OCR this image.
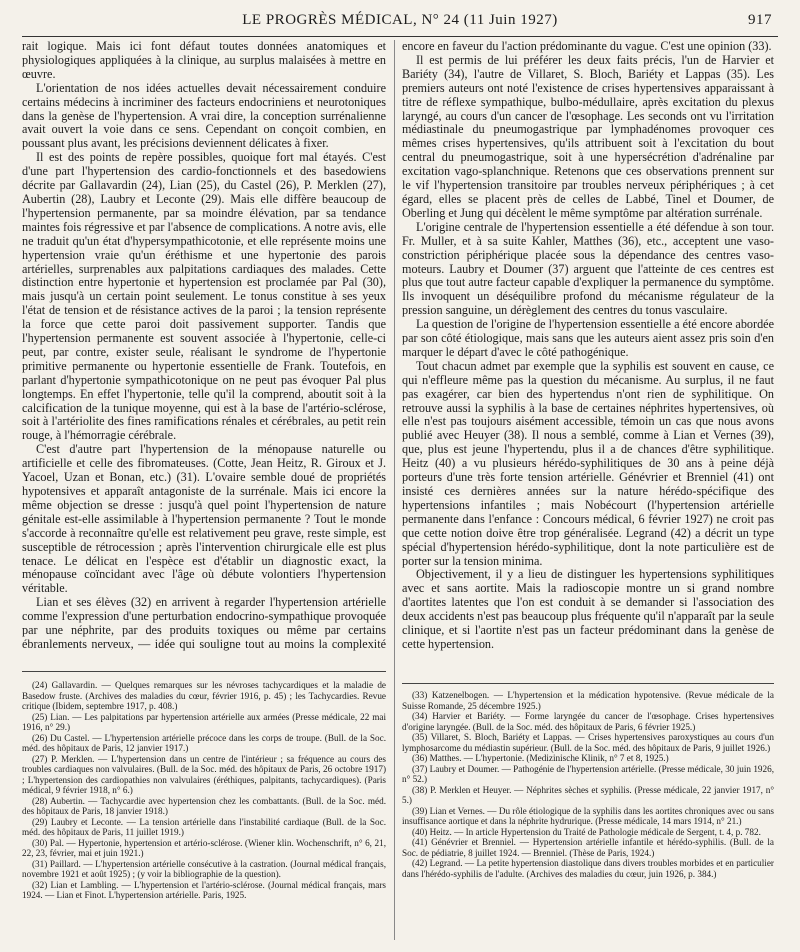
LE PROGRÈS MÉDICAL, N° 24 (11 Juin 1927)	917

rait logique. Mais ici font défaut toutes données anatomiques et physiologiques appliquées à la clinique, au surplus malaisées à mettre en œuvre.

L'orientation de nos idées actuelles devait nécessairement conduire certains médecins à incriminer des facteurs endocriniens et neurotoniques dans la genèse de l'hypertension. A vrai dire, la conception surrénalienne avait ouvert la voie dans ce sens. Cependant on conçoit combien, en poussant plus avant, les précisions deviennent délicates à fixer.

Il est des points de repère possibles, quoique fort mal étayés. C'est d'une part l'hypertension des cardio-fonctionnels et des basedowiens décrite par Gallavardin (24), Lian (25), du Castel (26), P. Merklen (27), Aubertin (28), Laubry et Leconte (29). Mais elle diffère beaucoup de l'hypertension permanente, par sa moindre élévation, par sa tendance maintes fois régressive et par l'absence de complications. A notre avis, elle ne traduit qu'un état d'hypersympathicotonie, et elle représente moins une hypertension vraie qu'un éréthisme et une hypertonie des parois artérielles, surprenables aux palpitations cardiaques des malades. Cette distinction entre hypertonie et hypertension est proclamée par Pal (30), mais jusqu'à un certain point seulement. Le tonus constitue à ses yeux l'état de tension et de résistance actives de la paroi ; la tension représente la force que cette paroi doit passivement supporter. Tandis que l'hypertension permanente est souvent associée à l'hypertonie, celle-ci peut, par contre, exister seule, réalisant le syndrome de l'hypertonie primitive permanente ou hypertonie essentielle de Frank. Toutefois, en parlant d'hypertonie sympathicotonique on ne peut pas évoquer Pal plus longtemps. En effet l'hypertonie, telle qu'il la comprend, aboutit soit à la calcification de la tunique moyenne, qui est à la base de l'artério-sclérose, soit à l'artériolite des fines ramifications rénales et cérébrales, au petit rein rouge, à l'hémorragie cérébrale.

C'est d'autre part l'hypertension de la ménopause naturelle ou artificielle et celle des fibromateuses. (Cotte, Jean Heitz, R. Giroux et J. Yacoel, Uzan et Bonan, etc.) (31). L'ovaire semble doué de propriétés hypotensives et apparaît antagoniste de la surrénale. Mais ici encore la même objection se dresse : jusqu'à quel point l'hypertension de nature génitale est-elle assimilable à l'hypertension permanente ? Tout le monde s'accorde à reconnaître qu'elle est relativement peu grave, reste simple, est susceptible de rétrocession ; après l'intervention chirurgicale elle est plus tenace. Le délicat en l'espèce est d'établir un diagnostic exact, la ménopause coïncidant avec l'âge où débute volontiers l'hypertension véritable.

Lian et ses élèves (32) en arrivent à regarder l'hypertension artérielle comme l'expression d'une perturbation endocrino-sympathique provoquée par une néphrite, par des produits toxiques ou même par certains ébranlements nerveux, — idée qui souligne tout au moins la complexité

encore en faveur du l'action prédominante du vague. C'est une opinion (33).

Il est permis de lui préférer les deux faits précis, l'un de Harvier et Bariéty (34), l'autre de Villaret, S. Bloch, Bariéty et Lappas (35). Les premiers auteurs ont noté l'existence de crises hypertensives apparaissant à titre de réflexe sympathique, bulbo-médullaire, après excitation du plexus laryngé, au cours d'un cancer de l'œsophage. Les seconds ont vu l'irritation médiastinale du pneumogastrique par lymphadénomes provoquer ces mêmes crises hypertensives, qu'ils attribuent soit à l'excitation du bout central du pneumogastrique, soit à une hypersécrétion d'adrénaline par excitation vago-splanchnique. Retenons que ces observations prennent sur le vif l'hypertension transitoire par troubles nerveux périphériques ; à cet égard, elles se placent près de celles de Labbé, Tinel et Doumer, de Oberling et Jung qui décèlent le même symptôme par altération surrénale.

L'origine centrale de l'hypertension essentielle a été défendue à son tour. Fr. Muller, et à sa suite Kahler, Matthes (36), etc., acceptent une vaso-constriction périphérique placée sous la dépendance des centres vaso-moteurs. Laubry et Doumer (37) arguent que l'atteinte de ces centres est plus que tout autre facteur capable d'expliquer la permanence du symptôme. Ils invoquent un déséquilibre profond du mécanisme régulateur de la pression sanguine, un dérèglement des centres du tonus vasculaire.

La question de l'origine de l'hypertension essentielle a été encore abordée par son côté étiologique, mais sans que les auteurs aient assez pris soin d'en marquer le départ d'avec le côté pathogénique.

Tout chacun admet par exemple que la syphilis est souvent en cause, ce qui n'effleure même pas la question du mécanisme. Au surplus, il ne faut pas exagérer, car bien des hypertendus n'ont rien de syphilitique. On retrouve aussi la syphilis à la base de certaines néphrites hypertensives, où elle n'est pas toujours aisément accessible, témoin un cas que nous avons publié avec Heuyer (38). Il nous a semblé, comme à Lian et Vernes (39), que, plus est jeune l'hypertendu, plus il a de chances d'être syphilitique. Heitz (40) a vu plusieurs hérédo-syphilitiques de 30 ans à peine déjà porteurs d'une très forte tension artérielle. Génévrier et Brenniel (41) ont insisté ces dernières années sur la nature hérédo-spécifique des hypertensions infantiles ; mais Nobécourt (l'hypertension artérielle permanente dans l'enfance : Concours médical, 6 février 1927) ne croit pas que cette notion doive être trop généralisée. Legrand (42) a décrit un type spécial d'hypertension hérédo-syphilitique, dont la note particulière est de porter sur la tension minima.

Objectivement, il y a lieu de distinguer les hypertensions syphilitiques avec et sans aortite. Mais la radioscopie montre un si grand nombre d'aortites latentes que l'on est conduit à se demander si l'association des deux accidents n'est pas beaucoup plus fréquente qu'il n'apparaît par la seule clinique, et si l'aortite n'est pas un facteur prédominant dans la genèse de cette hypertension.

(24) Gallavardin. — Quelques remarques sur les névroses tachycardiques et la maladie de Basedow fruste. (Archives des maladies du cœur, février 1916, p. 45) ; les Tachycardies. Revue critique (Ibidem, septembre 1917, p. 408.)

(25) Lian. — Les palpitations par hypertension artérielle aux armées (Presse médicale, 22 mai 1916, n° 29.)

(26) Du Castel. — L'hypertension artérielle précoce dans les corps de troupe. (Bull. de la Soc. méd. des hôpitaux de Paris, 12 janvier 1917.)

(27) P. Merklen. — L'hypertension dans un centre de l'intérieur ; sa fréquence au cours des troubles cardiaques non valvulaires. (Bull. de la Soc. méd. des hôpitaux de Paris, 26 octobre 1917) ; L'hypertension des cardiopathies non valvulaires (éréthiques, palpitants, tachycardiques). (Paris médical, 9 février 1918, n° 6.)

(28) Aubertin. — Tachycardie avec hypertension chez les combattants. (Bull. de la Soc. méd. des hôpitaux de Paris, 18 janvier 1918.)

(29) Laubry et Leconte. — La tension artérielle dans l'instabilité cardiaque (Bull. de la Soc. méd. des hôpitaux de Paris, 11 juillet 1919.)

(30) Pal. — Hypertonie, hypertension et artério-sclérose. (Wiener klin. Wochenschrift, n° 6, 21, 22, 23, février, mai et juin 1921.)

(31) Paillard. — L'hypertension artérielle consécutive à la castration. (Journal médical français, novembre 1921 et août 1925) ; (y voir la bibliographie de la question).

(32) Lian et Lambling. — L'hypertension et l'artério-sclérose. (Journal médical français, mars 1924. — Lian et Finot. L'hypertension artérielle. Paris, 1925.

(33) Katzenelbogen. — L'hypertension et la médication hypotensive. (Revue médicale de la Suisse Romande, 25 décembre 1925.)

(34) Harvier et Bariéty. — Forme laryngée du cancer de l'œsophage. Crises hypertensives d'origine laryngée. (Bull. de la Soc. méd. des hôpitaux de Paris, 6 février 1925.)

(35) Villaret, S. Bloch, Bariéty et Lappas. — Crises hypertensives paroxystiques au cours d'un lymphosarcome du médiastin supérieur. (Bull. de la Soc. méd. des hôpitaux de Paris, 9 juillet 1926.)

(36) Matthes. — L'hypertonie. (Medizinische Klinik, n° 7 et 8, 1925.)

(37) Laubry et Doumer. — Pathogénie de l'hypertension artérielle. (Presse médicale, 30 juin 1926, n° 52.)

(38) P. Merklen et Heuyer. — Néphrites sèches et syphilis. (Presse médicale, 22 janvier 1917, n° 5.)

(39) Lian et Vernes. — Du rôle étiologique de la syphilis dans les aortites chroniques avec ou sans insuffisance aortique et dans la néphrite hydrurique. (Presse médicale, 14 mars 1914, n° 21.)

(40) Heitz. — In article Hypertension du Traité de Pathologie médicale de Sergent, t. 4, p. 782.

(41) Génévrier et Brenniel. — Hypertension artérielle infantile et hérédo-syphilis. (Bull. de la Soc. de pédiatrie, 8 juillet 1924. — Brenniel. (Thèse de Paris, 1924.)

(42) Legrand. — La petite hypertension diastolique dans divers troubles morbides et en particulier dans l'hérédo-syphilis de l'adulte. (Archives des maladies du cœur, juin 1926, p. 384.)
